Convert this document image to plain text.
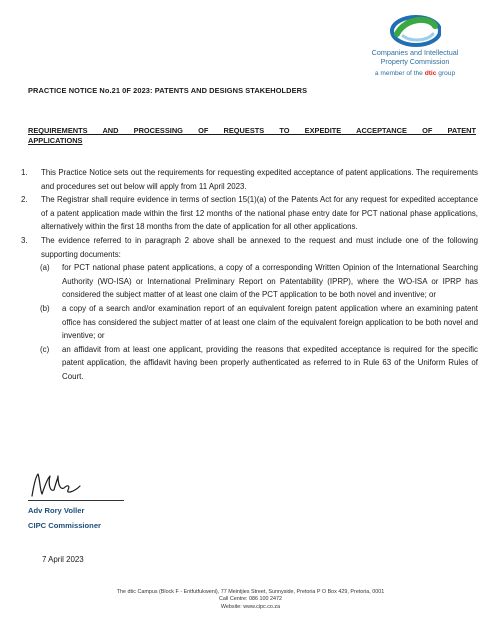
Companies and Intellectual
Property Commission
a member of the dtic group
PRACTICE NOTICE No.21 0F 2023: PATENTS AND DESIGNS STAKEHOLDERS
REQUIREMENTS AND PROCESSING OF REQUESTS TO EXPEDITE ACCEPTANCE OF PATENT
APPLICATIONS
1.	This Practice Notice sets out the requirements for requesting expedited acceptance of patent applications. The requirements and procedures set out below will apply from 11 April 2023.
2.	The Registrar shall require evidence in terms of section 15(1)(a) of the Patents Act for any request for expedited acceptance of a patent application made within the first 12 months of the national phase entry date for PCT national phase applications, alternatively within the first 18 months from the date of application for all other applications.
3.	The evidence referred to in paragraph 2 above shall be annexed to the request and must include one of the following supporting documents:
(a)	for PCT national phase patent applications, a copy of a corresponding Written Opinion of the International Searching Authority (WO-ISA) or International Preliminary Report on Patentability (IPRP), where the WO-ISA or IPRP has considered the subject matter of at least one claim of the PCT application to be both novel and inventive; or
(b)	a copy of a search and/or examination report of an equivalent foreign patent application where an examining patent office has considered the subject matter of at least one claim of the equivalent foreign application to be both novel and inventive; or
(c)	an affidavit from at least one applicant, providing the reasons that expedited acceptance is required for the specific patent application, the affidavit having been properly authenticated as referred to in Rule 63 of the Uniform Rules of Court.
Adv Rory Voller
CIPC Commissioner
7 April 2023
The dtic Campus (Block F - Entfutfukweni), 77 Meintjies Street, Sunnyside, Pretoria P O Box 429, Pretoria, 0001
Call Centre: 086 100 2472
Website: www.cipc.co.za
